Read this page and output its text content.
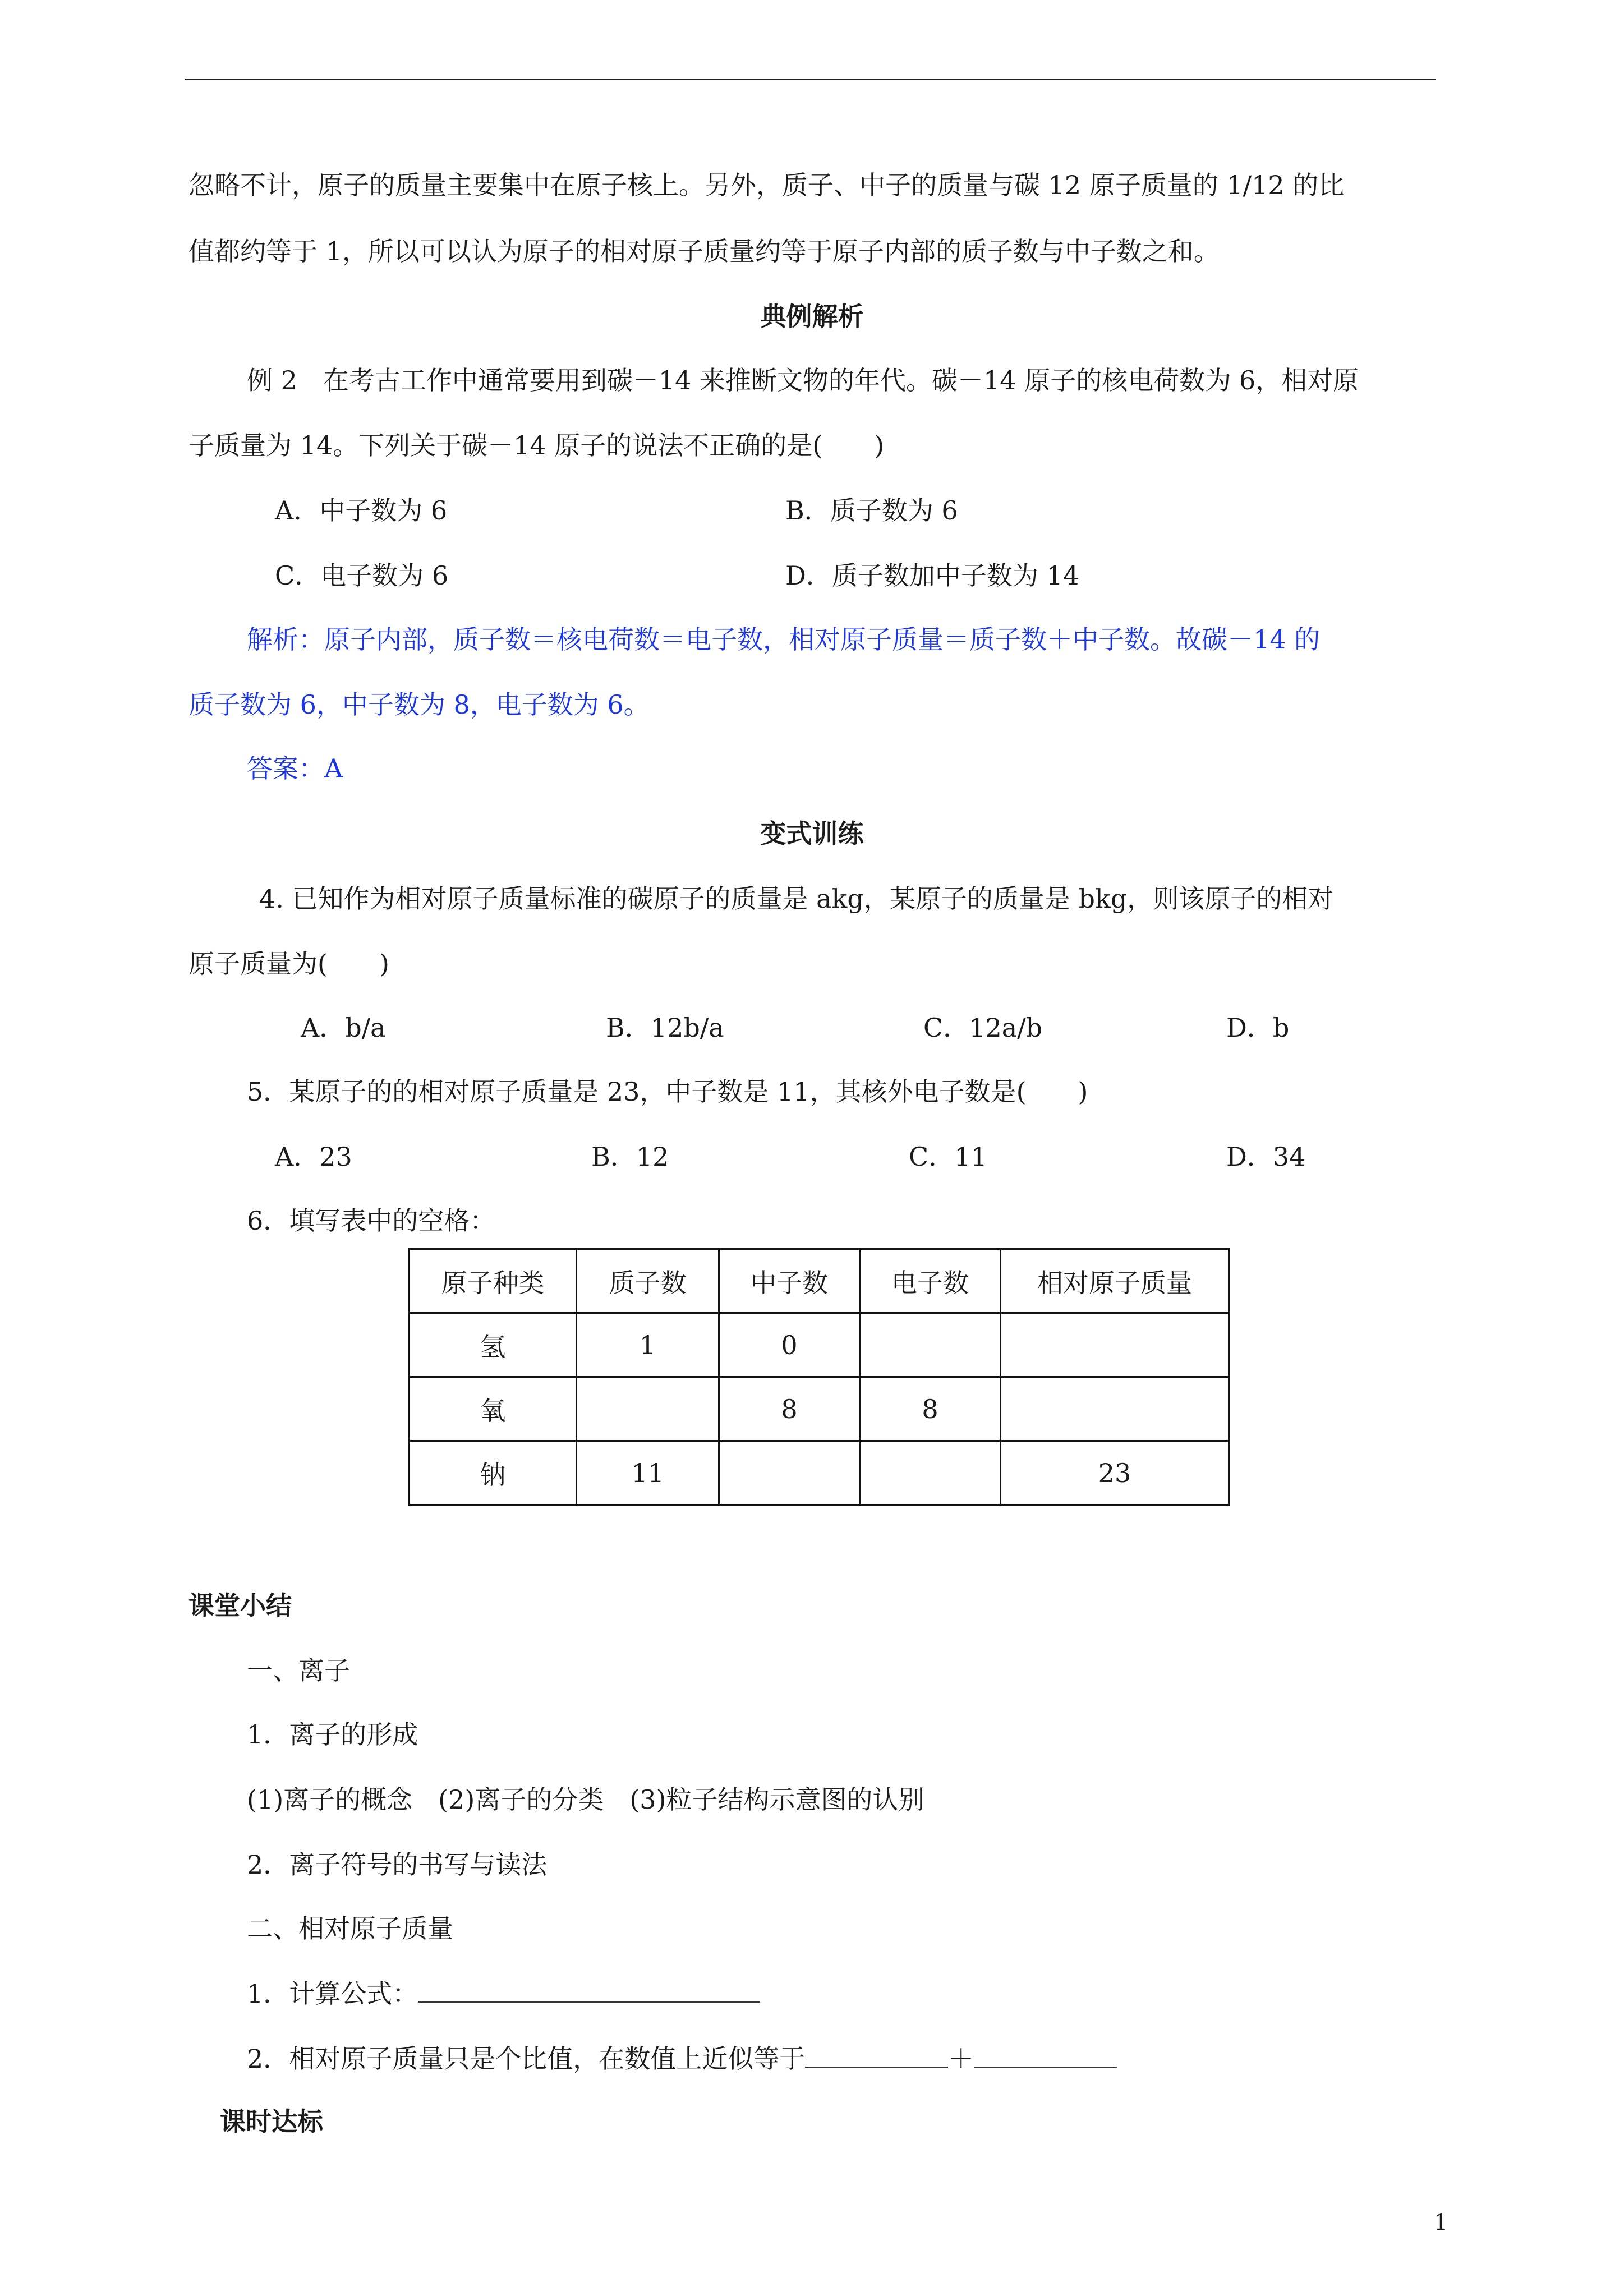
忽略不计，原子的质量主要集中在原子核上。另外，质子、中子的质量与碳 12 原子质量的 1/12 的比
值都约等于 1，所以可以认为原子的相对原子质量约等于原子内部的质子数与中子数之和。
典例解析
例 2　在考古工作中通常要用到碳－14 来推断文物的年代。碳－14 原子的核电荷数为 6，相对原
子质量为 14。下列关于碳－14 原子的说法不正确的是(　　)
A．中子数为 6	B．质子数为 6
C．电子数为 6	D．质子数加中子数为 14
解析：原子内部，质子数＝核电荷数＝电子数，相对原子质量＝质子数＋中子数。故碳－14 的
质子数为 6，中子数为 8，电子数为 6。
答案：A
变式训练
4. 已知作为相对原子质量标准的碳原子的质量是 akg，某原子的质量是 bkg，则该原子的相对
原子质量为(　　)
A．b/a	B．12b/a	C．12a/b	D．b
5．某原子的的相对原子质量是 23，中子数是 11，其核外电子数是(　　)
A．23	B．12	C．11	D．34
6．填写表中的空格：
原子种类	质子数	中子数	电子数	相对原子质量
氢	1	0		
氧		8	8	
钠	11			23
课堂小结
一、离子
1．离子的形成
(1)离子的概念　(2)离子的分类　(3)粒子结构示意图的认别
2．离子符号的书写与读法
二、相对原子质量
1．计算公式：
2．相对原子质量只是个比值，在数值上近似等于	＋
课时达标
1
